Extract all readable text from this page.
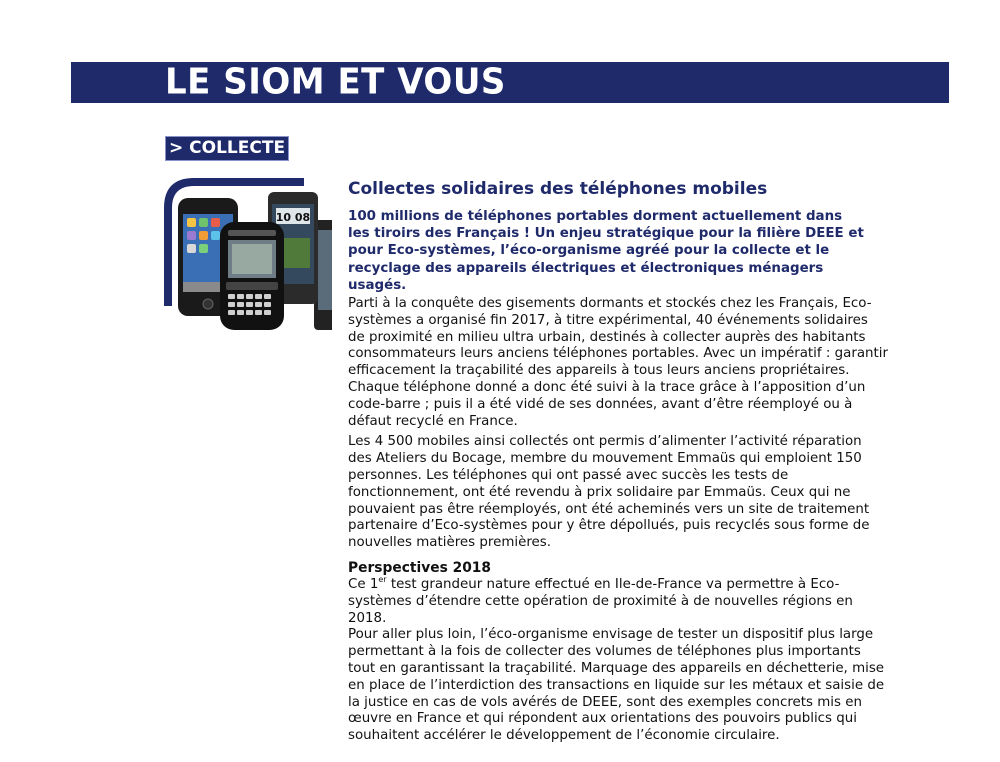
LE SIOM ET VOUS
> COLLECTE
10 08
Collectes solidaires des téléphones mobiles

100 millions de téléphones portables dorment actuellement dans les tiroirs des Français ! Un enjeu stratégique pour la filière DEEE et pour Eco-systèmes, l’éco-organisme agréé pour la collecte et le recyclage des appareils électriques et électroniques ménagers usagés.

Parti à la conquête des gisements dormants et stockés chez les Français, Eco-systèmes a organisé fin 2017, à titre expérimental, 40 événements solidaires de proximité en milieu ultra urbain, destinés à collecter auprès des habitants consommateurs leurs anciens téléphones portables. Avec un impératif : garantir efficacement la traçabilité des appareils à tous leurs anciens propriétaires. Chaque téléphone donné a donc été suivi à la trace grâce à l’apposition d’un code-barre ; puis il a été vidé de ses données, avant d’être réemployé ou à défaut recyclé en France.

Les 4 500 mobiles ainsi collectés ont permis d’alimenter l’activité réparation des Ateliers du Bocage, membre du mouvement Emmaüs qui emploient 150 personnes. Les téléphones qui ont passé avec succès les tests de fonctionnement, ont été revendu à prix solidaire par Emmaüs. Ceux qui ne pouvaient pas être réemployés, ont été acheminés vers un site de traitement partenaire d’Eco-systèmes pour y être dépollués, puis recyclés sous forme de nouvelles matières premières.

Perspectives 2018

Ce 1er test grandeur nature effectué en Ile-de-France va permettre à Eco-systèmes d’étendre cette opération de proximité à de nouvelles régions en 2018.

Pour aller plus loin, l’éco-organisme envisage de tester un dispositif plus large permettant à la fois de collecter des volumes de téléphones plus importants tout en garantissant la traçabilité. Marquage des appareils en déchetterie, mise en place de l’interdiction des transactions en liquide sur les métaux et saisie de la justice en cas de vols avérés de DEEE, sont des exemples concrets mis en œuvre en France et qui répondent aux orientations des pouvoirs publics qui souhaitent accélérer le développement de l’économie circulaire.
